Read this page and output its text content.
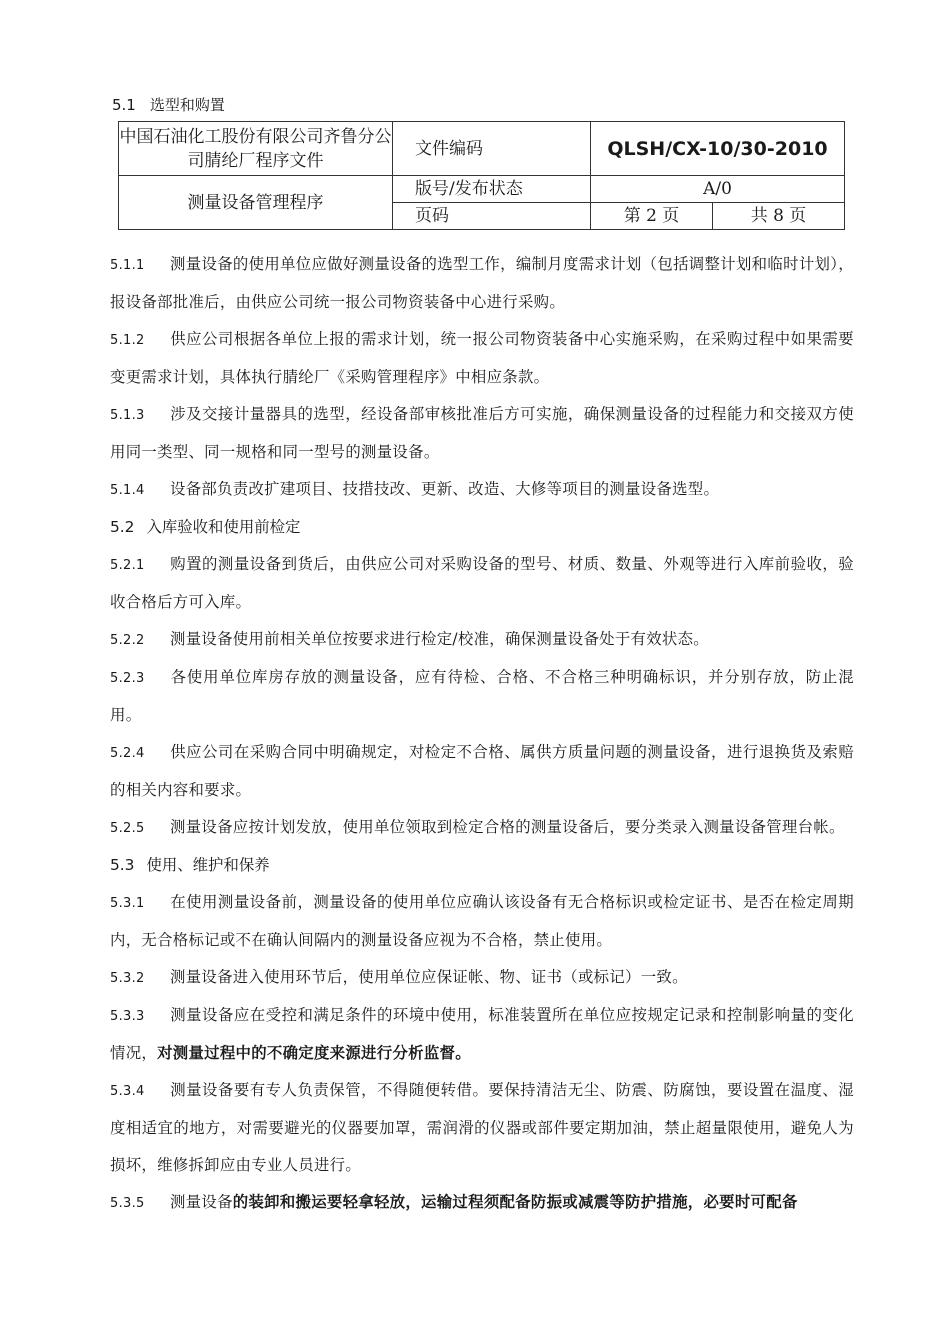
5.1 选型和购置
中国石油化工股份有限公司齐鲁分公司腈纶厂程序文件	文件编码	QLSH/CX-10/30-2010	
测量设备管理程序	版号/发布状态	A/0	
	页码	第 2 页	共 8 页

5.1.1 测量设备的使用单位应做好测量设备的选型工作，编制月度需求计划（包括调整计划和临时计划），报设备部批准后，由供应公司统一报公司物资装备中心进行采购。

5.1.2 供应公司根据各单位上报的需求计划，统一报公司物资装备中心实施采购，在采购过程中如果需要变更需求计划，具体执行腈纶厂《采购管理程序》中相应条款。

5.1.3 涉及交接计量器具的选型，经设备部审核批准后方可实施，确保测量设备的过程能力和交接双方使用同一类型、同一规格和同一型号的测量设备。

5.1.4 设备部负责改扩建项目、技措技改、更新、改造、大修等项目的测量设备选型。

5.2 入库验收和使用前检定

5.2.1 购置的测量设备到货后，由供应公司对采购设备的型号、材质、数量、外观等进行入库前验收，验收合格后方可入库。

5.2.2 测量设备使用前相关单位按要求进行检定/校准，确保测量设备处于有效状态。

5.2.3 各使用单位库房存放的测量设备，应有待检、合格、不合格三种明确标识，并分别存放，防止混用。

5.2.4 供应公司在采购合同中明确规定，对检定不合格、属供方质量问题的测量设备，进行退换货及索赔的相关内容和要求。

5.2.5 测量设备应按计划发放，使用单位领取到检定合格的测量设备后，要分类录入测量设备管理台帐。

5.3 使用、维护和保养

5.3.1 在使用测量设备前，测量设备的使用单位应确认该设备有无合格标识或检定证书、是否在检定周期内，无合格标记或不在确认间隔内的测量设备应视为不合格，禁止使用。

5.3.2 测量设备进入使用环节后，使用单位应保证帐、物、证书（或标记）一致。

5.3.3 测量设备应在受控和满足条件的环境中使用，标准装置所在单位应按规定记录和控制影响量的变化情况，对测量过程中的不确定度来源进行分析监督。

5.3.4 测量设备要有专人负责保管，不得随便转借。要保持清洁无尘、防震、防腐蚀，要设置在温度、湿度相适宜的地方，对需要避光的仪器要加罩，需润滑的仪器或部件要定期加油，禁止超量限使用，避免人为损坏，维修拆卸应由专业人员进行。

5.3.5 测量设备的装卸和搬运要轻拿轻放，运输过程须配备防振或减震等防护措施，必要时可配备
